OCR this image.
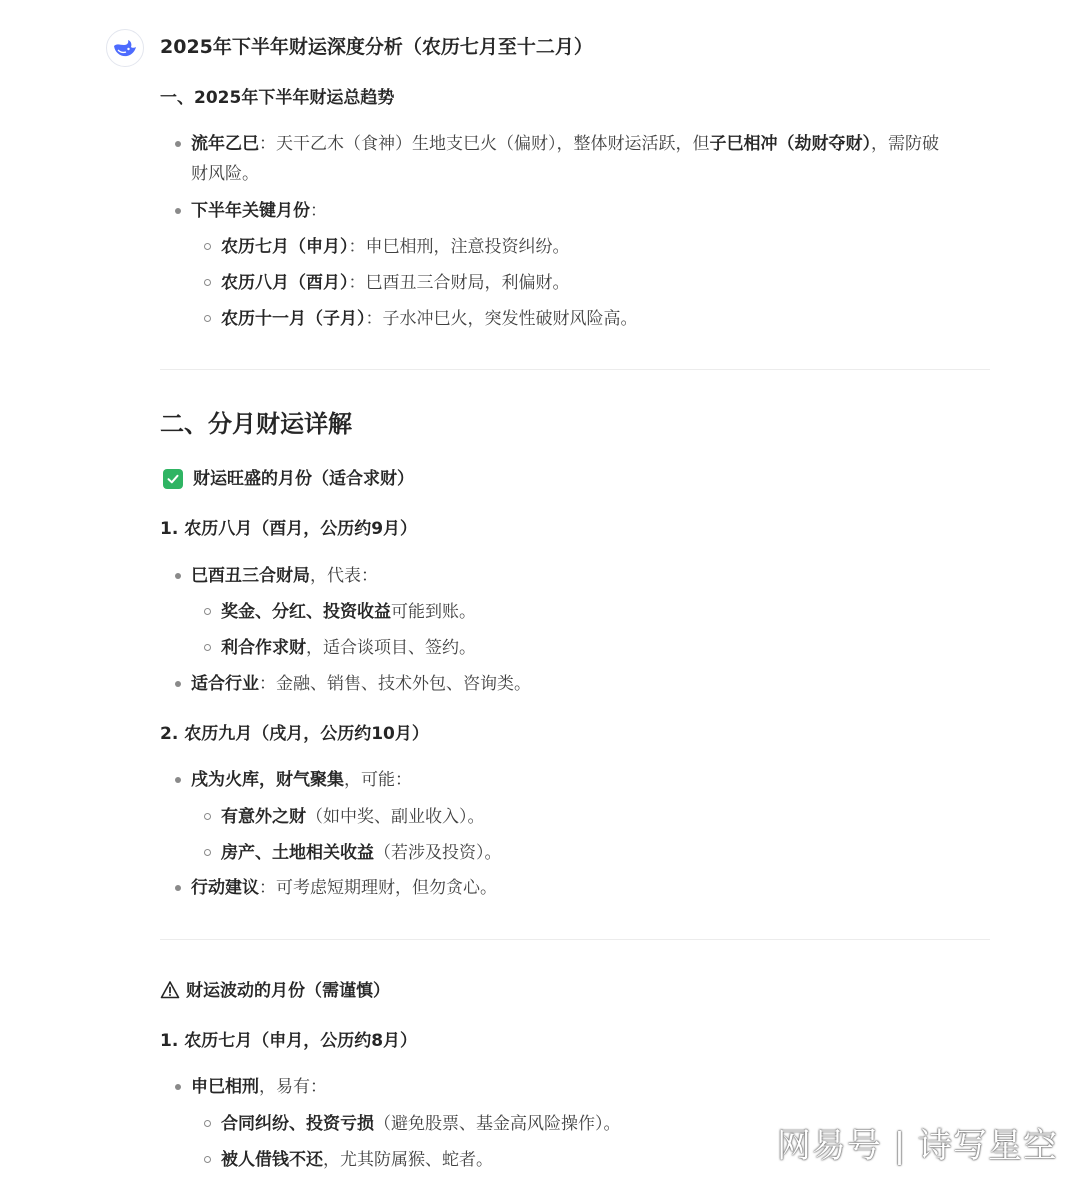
2025年下半年财运深度分析（农历七月至十二月）
一、2025年下半年财运总趋势
流年乙巳：天干乙木（食神）生地支巳火（偏财），整体财运活跃，但子巳相冲（劫财夺财），需防破
财风险。
下半年关键月份：
农历七月（申月）：申巳相刑，注意投资纠纷。
农历八月（酉月）：巳酉丑三合财局，利偏财。
农历十一月（子月）：子水冲巳火，突发性破财风险高。
二、分月财运详解
财运旺盛的月份（适合求财）
1. 农历八月（酉月，公历约9月）
巳酉丑三合财局，代表：
奖金、分红、投资收益可能到账。
利合作求财，适合谈项目、签约。
适合行业：金融、销售、技术外包、咨询类。
2. 农历九月（戌月，公历约10月）
戌为火库，财气聚集，可能：
有意外之财（如中奖、副业收入）。
房产、土地相关收益（若涉及投资）。
行动建议：可考虑短期理财，但勿贪心。
财运波动的月份（需谨慎）
1. 农历七月（申月，公历约8月）
申巳相刑，易有：
合同纠纷、投资亏损（避免股票、基金高风险操作）。
被人借钱不还，尤其防属猴、蛇者。	网易号 | 诗写星空
